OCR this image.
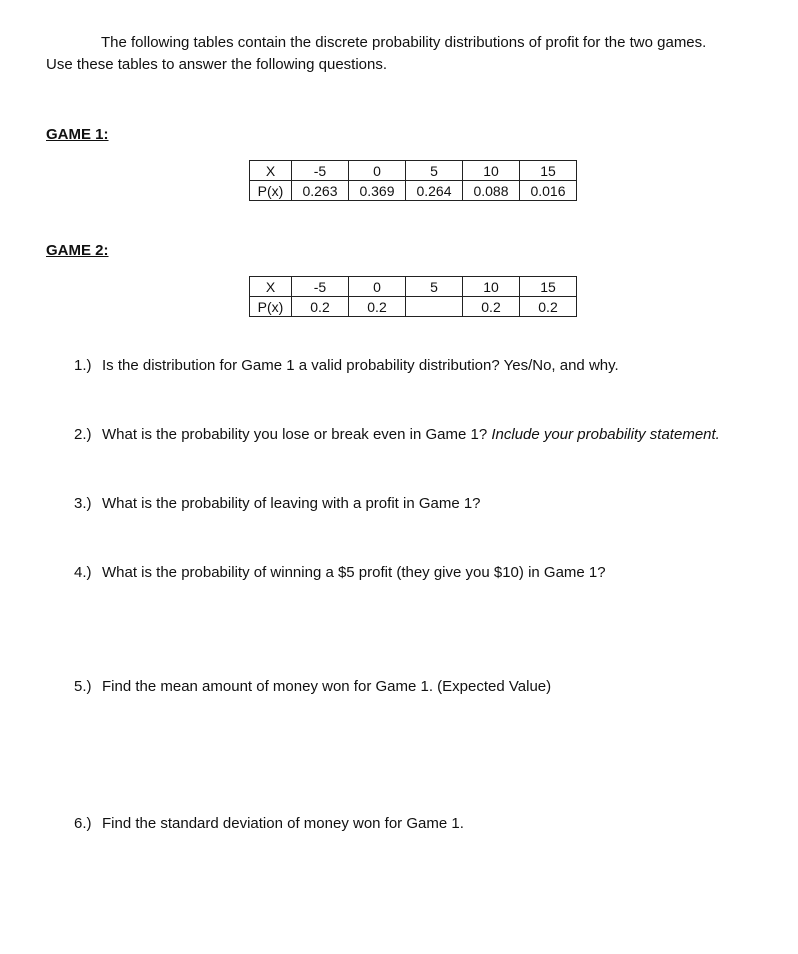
The following tables contain the discrete probability distributions of profit for the two games.
Use these tables to answer the following questions.
GAME 1:
X	-5	0	5	10	15
P(x)	0.263	0.369	0.264	0.088	0.016
GAME 2:
X	-5	0	5	10	15
P(x)	0.2	0.2		0.2	0.2
1.) Is the distribution for Game 1 a valid probability distribution? Yes/No, and why.
2.) What is the probability you lose or break even in Game 1? Include your probability statement.
3.) What is the probability of leaving with a profit in Game 1?
4.) What is the probability of winning a $5 profit (they give you $10) in Game 1?
5.) Find the mean amount of money won for Game 1. (Expected Value)
6.) Find the standard deviation of money won for Game 1.
